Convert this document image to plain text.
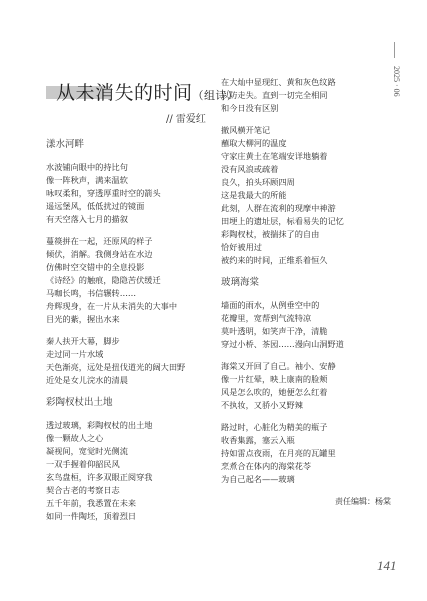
2025 · 06
从未消失的时间（组诗）
// 雷爱红
漾水河畔

水波铺向眼中的持比句
像一阵秋声，满来温软
咏叹柔和，穿透厚重时空的箭头
遥远堡风，低低扰过的镜面
有天空落入七月的描叙

蔓篌拼在一起，还原风的样子
倾伏，消解。我侧身站在水边
仿佛时空交错中的全息投影
《诗经》的触痕，隐隐苦伏缓迁
马咖长鸣，书信辗转……
舟辉现身，在一片从未消失的大事中
目光的紫，握出水来

秦人扶开大幕，脚步
走过同一片水域
天色渐亮，远处是扭伐道光的阔大田野
近处是女儿浣水的清晨

彩陶杈杖出土地

透过玻璃，彩陶杈杖的出土地
像一颗故人之心
凝视间，宽觉时光侧流
一双手握着仰韶民风
玄鸟盘桓，许多双眼正阅穿我
契合古老的考察日志
五千年前，我悉置在未来
如同一件陶坯，顶着烈日

在大灿中显现红、黄和灰色纹路
以防走失。直到一切完全相同
和今日没有区别

撤风横开笔记
蘸取大柳河的温度
守家庄黄土在笔端安详地躺着
没有风浪或疏着
良久，拍头环顾四周
这是我最大的所能
此刻，人群在流利的现摩中神游
田埂上的遗址层，标看易失的记忆
彩陶杈杖，被揣抹了的自由
恰好被用过
被约来的时间，正维系着恒久

玻璃海棠

墙面的雨水，从例垂空中的
花瓣里，宽帮到气流特凉
莫叶透明，如笑声干净，清脆
穿过小桥、茶园……漫向山洞野道

海棠又开回了自己。袖小、安静
像一片红晕，映上康南的脸颊
风是怎么吹的，她便怎么红着
不执妆，又骄小又野辣

路过时，心脏化为精美的瓶子
收香集露，塞云入瓶
持如雷点夜雨，在月亮的瓦罐里
烹煮合在体内的海棠花苓
为自己起名——玻璃

责任编辑：杨棠
141
